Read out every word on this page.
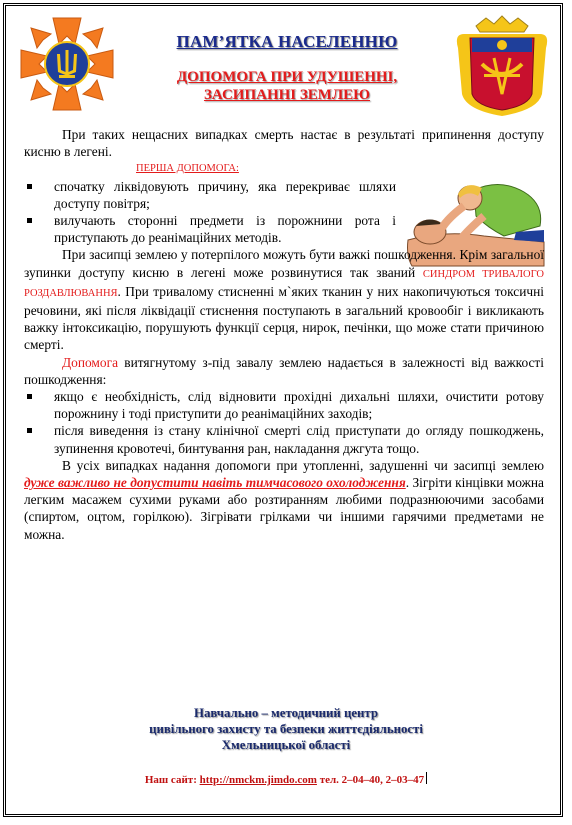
ПАМ’ЯТКА НАСЕЛЕННЮ
ДОПОМОГА ПРИ УДУШЕННІ,
ЗАСИПАННІ ЗЕМЛЕЮ

При таких нещасних випадках смерть настає в результаті припинення доступу кисню в легені.

ПЕРША ДОПОМОГА:
спочатку ліквідовують причину, яка перекриває шляхи доступу повітря;
вилучають сторонні предмети із порожнини рота і приступають до реанімаційних методів.

При засипці землею у потерпілого можуть бути важкі пошкодження. Крім загальної зупинки доступу кисню в легені може розвинутися так званий СИНДРОМ ТРИВАЛОГО РОЗДАВЛЮВАННЯ. При тривалому стисненні м`яких тканин у них накопичуються токсичні речовини, які після ліквідації стиснення поступають в загальний кровообіг і викликають важку інтоксикацію, порушують функції серця, нирок, печінки, що може стати причиною смерті.

Допомога витягнутому з-під завалу землею надається в залежності від важкості пошкодження:

якщо є необхідність, слід відновити прохідні дихальні шляхи, очистити ротову порожнину і тоді приступити до реанімаційних заходів;
після виведення із стану клінічної смерті слід приступати до огляду пошкоджень, зупинення кровотечі, бинтування ран, накладання джгута тощо.

В усіх випадках надання допомоги при утопленні, задушенні чи засипці землею дуже важливо не допустити навіть тимчасового охолодження. Зігріти кінцівки можна легким масажем сухими руками або розтиранням любими подразнюючими засобами (спиртом, оцтом, горілкою). Зігрівати грілками чи іншими гарячими предметами не можна.

Навчально – методичний центр
цивільного захисту та безпеки життєдіяльності
Хмельницької області
Наш сайт: http://nmckm.jimdo.com тел. 2–04–40, 2–03–47
